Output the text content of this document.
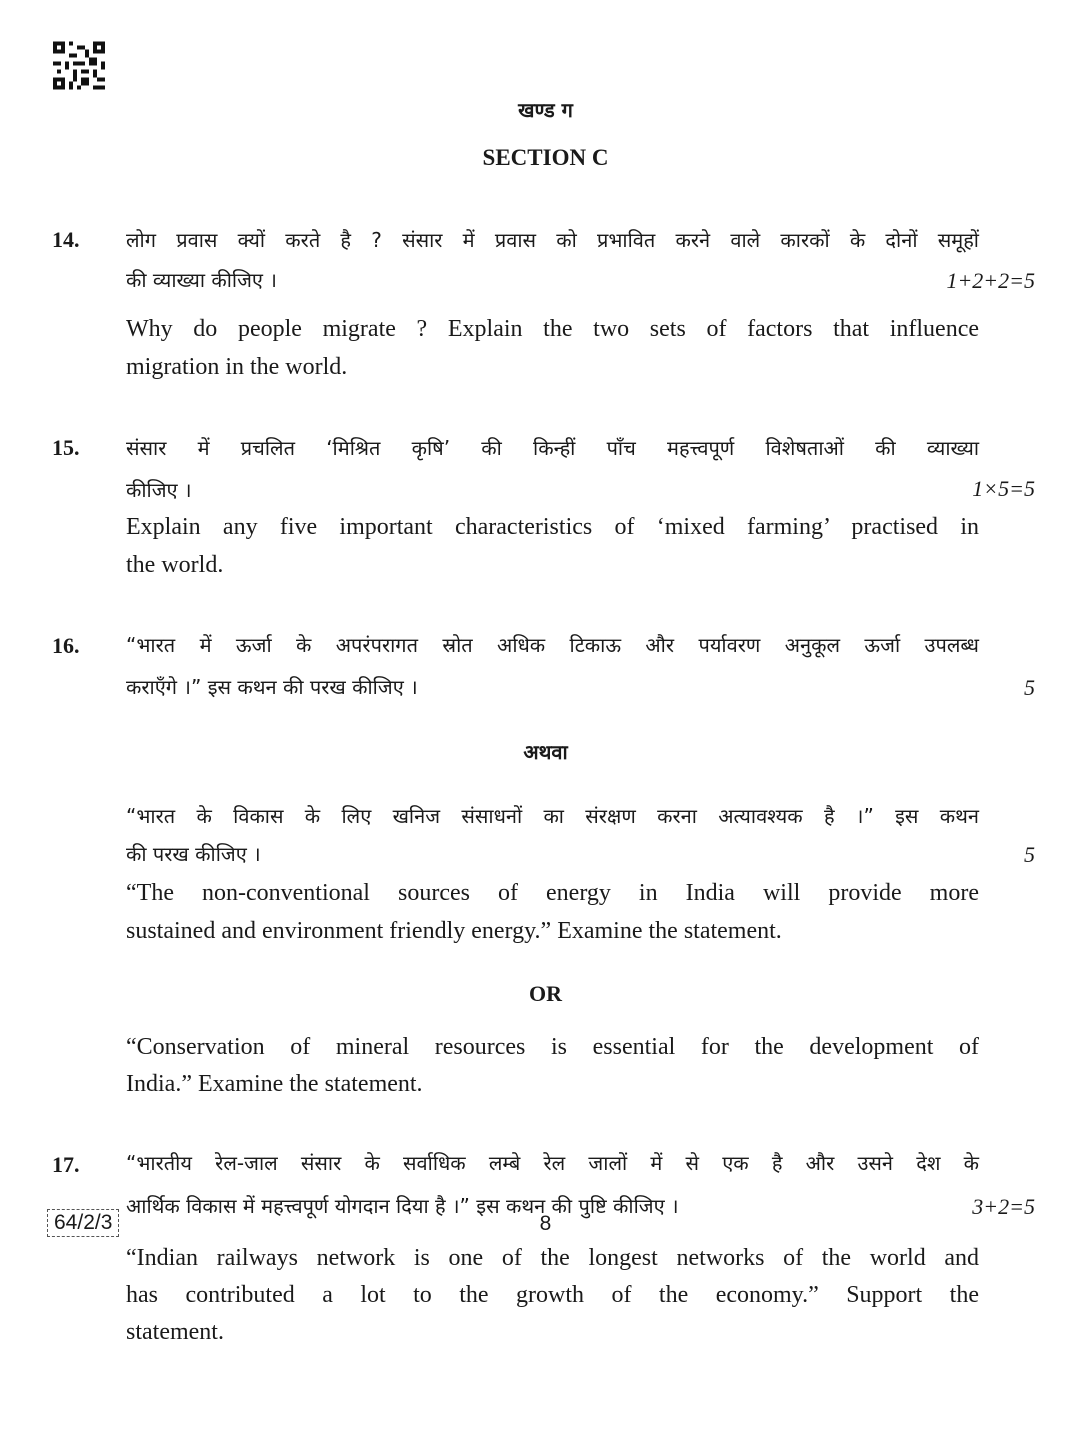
खण्ड ग
SECTION C
14. लोग प्रवास क्यों करते है ? संसार में प्रवास को प्रभावित करने वाले कारकों के दोनों समूहों
की व्याख्या कीजिए ।	1+2+2=5
Why do people migrate ? Explain the two sets of factors that influence
migration in the world.
15. संसार में प्रचलित ‘मिश्रित कृषि’ की किन्हीं पाँच महत्त्वपूर्ण विशेषताओं की व्याख्या
कीजिए ।	1×5=5
Explain any five important characteristics of ‘mixed farming’ practised in
the world.
16. “भारत में ऊर्जा के अपरंपरागत स्रोत अधिक टिकाऊ और पर्यावरण अनुकूल ऊर्जा उपलब्ध
कराएँगे ।” इस कथन की परख कीजिए ।	5
अथवा
“भारत के विकास के लिए खनिज संसाधनों का संरक्षण करना अत्यावश्यक है ।” इस कथन
की परख कीजिए ।	5
“The non-conventional sources of energy in India will provide more
sustained and environment friendly energy.” Examine the statement.
OR
“Conservation of mineral resources is essential for the development of
India.” Examine the statement.
17. “भारतीय रेल-जाल संसार के सर्वाधिक लम्बे रेल जालों में से एक है और उसने देश के
आर्थिक विकास में महत्त्वपूर्ण योगदान दिया है ।” इस कथन की पुष्टि कीजिए ।	3+2=5
“Indian railways network is one of the longest networks of the world and
has contributed a lot to the growth of the economy.” Support the
statement.
64/2/3	8
